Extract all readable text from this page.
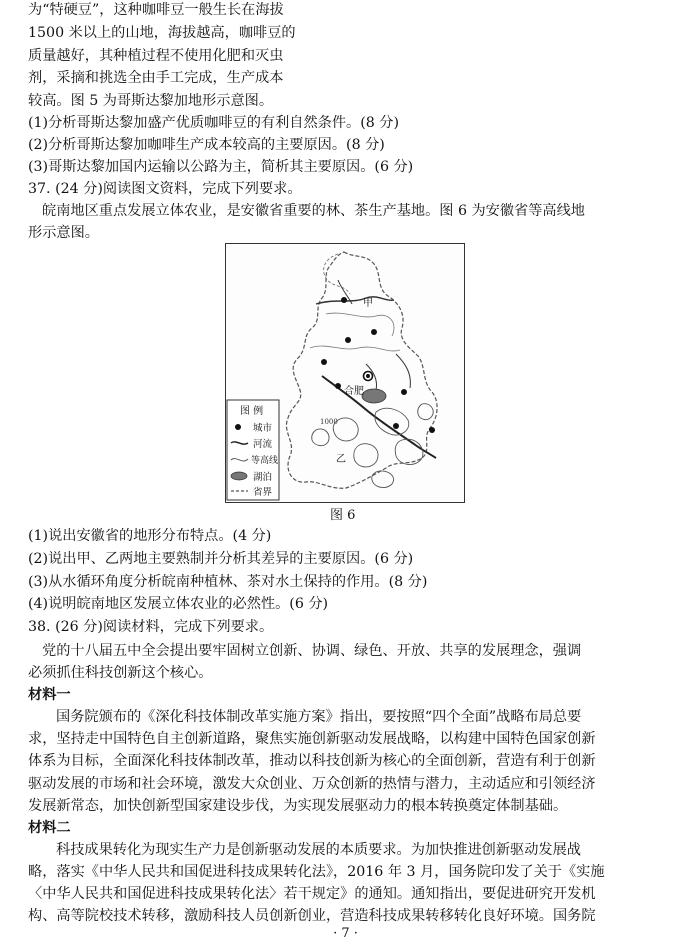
为“特硬豆”，这种咖啡豆一般生长在海拔
1500 米以上的山地，海拔越高，咖啡豆的
质量越好，其种植过程不使用化肥和灭虫
剂，采摘和挑选全由手工完成，生产成本
较高。图 5 为哥斯达黎加地形示意图。
(1)分析哥斯达黎加盛产优质咖啡豆的有利自然条件。(8 分)
(2)分析哥斯达黎加咖啡生产成本较高的主要原因。(8 分)
(3)哥斯达黎加国内运输以公路为主，简析其主要原因。(6 分)
37. (24 分)阅读图文资料，完成下列要求。
皖南地区重点发展立体农业，是安徽省重要的林、茶生产基地。图 6 为安徽省等高线地
形示意图。
甲
乙
合肥
1000
图 例
城市
河流
等高线
湖泊
省界
图 6
(1)说出安徽省的地形分布特点。(4 分)
(2)说出甲、乙两地主要熟制并分析其差异的主要原因。(6 分)
(3)从水循环角度分析皖南种植林、茶对水土保持的作用。(8 分)
(4)说明皖南地区发展立体农业的必然性。(6 分)
38. (26 分)阅读材料，完成下列要求。
党的十八届五中全会提出要牢固树立创新、协调、绿色、开放、共享的发展理念，强调
必须抓住科技创新这个核心。
材料一
国务院颁布的《深化科技体制改革实施方案》指出，要按照“四个全面”战略布局总要
求，坚持走中国特色自主创新道路，聚焦实施创新驱动发展战略，以构建中国特色国家创新
体系为目标，全面深化科技体制改革，推动以科技创新为核心的全面创新，营造有利于创新
驱动发展的市场和社会环境，激发大众创业、万众创新的热情与潜力，主动适应和引领经济
发展新常态，加快创新型国家建设步伐，为实现发展驱动力的根本转换奠定体制基础。
材料二
科技成果转化为现实生产力是创新驱动发展的本质要求。为加快推进创新驱动发展战
略，落实《中华人民共和国促进科技成果转化法》，2016 年 3 月，国务院印发了关于《实施
〈中华人民共和国促进科技成果转化法〉若干规定》的通知。通知指出，要促进研究开发机
构、高等院校技术转移，激励科技人员创新创业，营造科技成果转移转化良好环境。国务院
· 7 ·
